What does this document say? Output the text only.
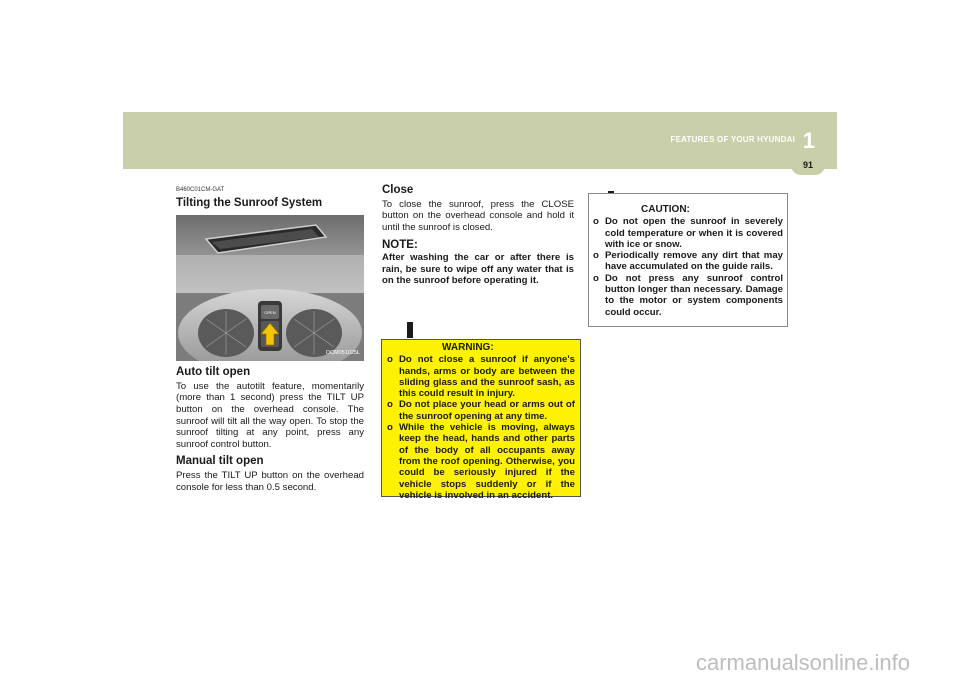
FEATURES OF YOUR HYUNDAI 1
91
B460C01CM-GAT
Tilting the Sunroof System
OPEN
OCM051025L
Auto tilt open

To use the autotilt feature, momentarily (more than 1 second) press the TILT UP button on the overhead console. The sunroof will tilt all the way open. To stop the sunroof tilting at any point, press any sunroof control button.

Manual tilt open

Press the TILT UP button on the overhead console for less than 0.5 second.

Close

To close the sunroof, press the CLOSE button on the overhead console and hold it until the sunroof is closed.

NOTE:

After washing the car or after there is rain, be sure to wipe off any water that is on the sunroof before operating it.

WARNING:
o Do not close a sunroof if anyone's hands, arms or body are between the sliding glass and the sunroof sash, as this could result in injury.
o Do not place your head or arms out of the sunroof opening at any time.
o While the vehicle is moving, always keep the head, hands and other parts of the body of all occupants away from the roof opening. Otherwise, you could be seriously injured if the vehicle stops suddenly or if the vehicle is involved in an accident.
CAUTION:
o Do not open the sunroof in severely cold temperature or when it is covered with ice or snow.
o Periodically remove any dirt that may have accumulated on the guide rails.
o Do not press any sunroof control button longer than necessary. Damage to the motor or system components could occur.
carmanualsonline.info
